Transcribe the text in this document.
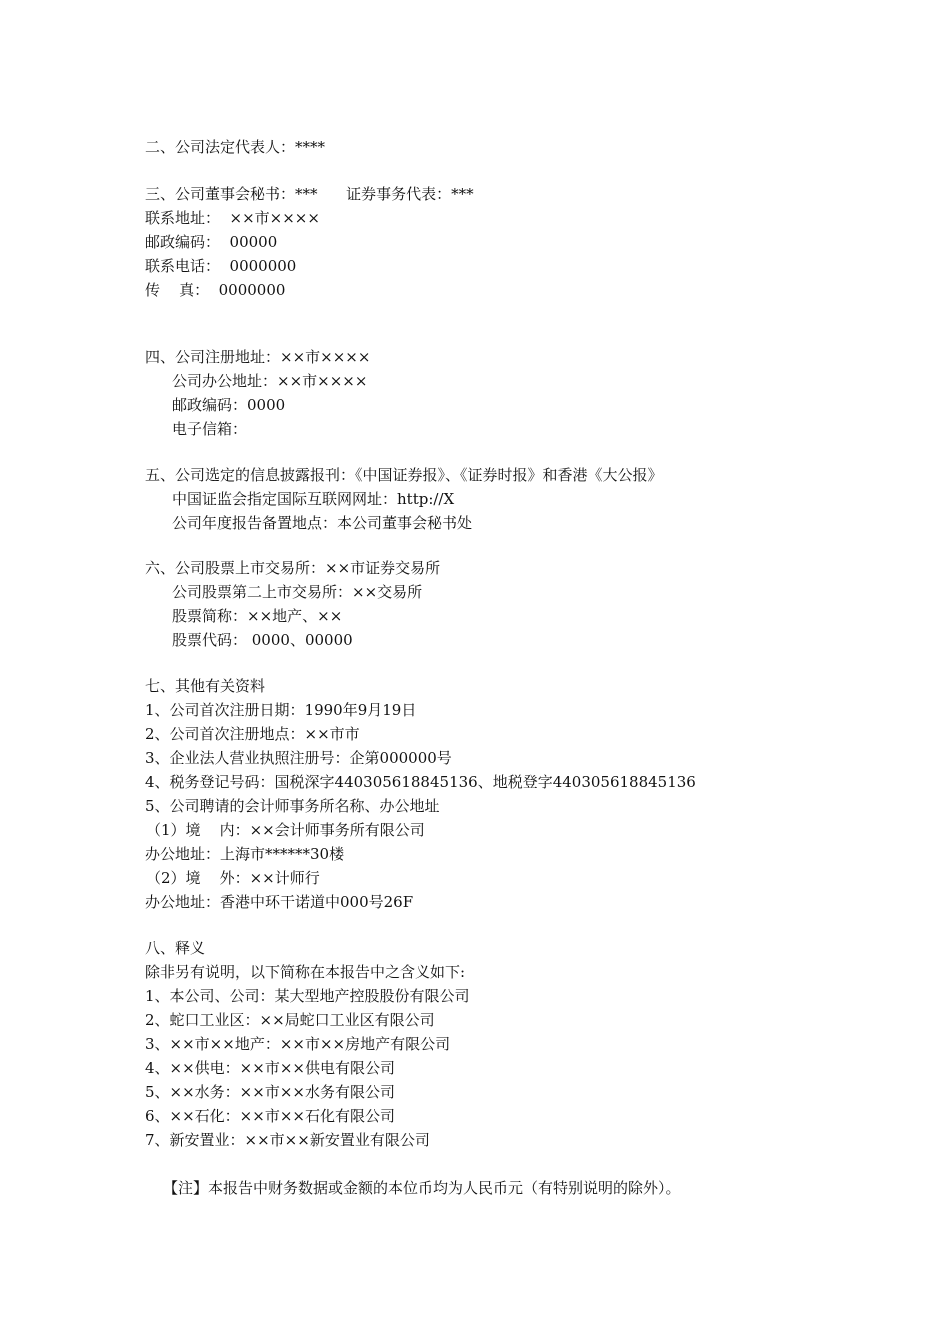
二、公司法定代表人：****
三、公司董事会秘书：***      证券事务代表：***
联系地址：  ××市××××
邮政编码：  00000
联系电话：  0000000
传    真：  0000000
四、公司注册地址：××市××××
公司办公地址：××市××××
邮政编码：0000
电子信箱：
五、公司选定的信息披露报刊：《中国证券报》、《证券时报》和香港《大公报》
中国证监会指定国际互联网网址：http://X
公司年度报告备置地点：本公司董事会秘书处
六、公司股票上市交易所：××市证券交易所
公司股票第二上市交易所：××交易所
股票简称：××地产、××
股票代码： 0000、00000
七、其他有关资料
1、公司首次注册日期：1990年9月19日
2、公司首次注册地点：××市市
3、企业法人营业执照注册号：企第000000号
4、税务登记号码：国税深字440305618845136、地税登字440305618845136
5、公司聘请的会计师事务所名称、办公地址
（1）境    内：××会计师事务所有限公司
办公地址：上海市******30楼
（2）境    外：××计师行
办公地址：香港中环干诺道中000号26F
八、释义
除非另有说明，以下简称在本报告中之含义如下:
1、本公司、公司：某大型地产控股股份有限公司
2、蛇口工业区：××局蛇口工业区有限公司
3、××市××地产：××市××房地产有限公司
4、××供电：××市××供电有限公司
5、××水务：××市××水务有限公司
6、××石化：××市××石化有限公司
7、新安置业：××市××新安置业有限公司
【注】本报告中财务数据或金额的本位币均为人民币元（有特别说明的除外）。
